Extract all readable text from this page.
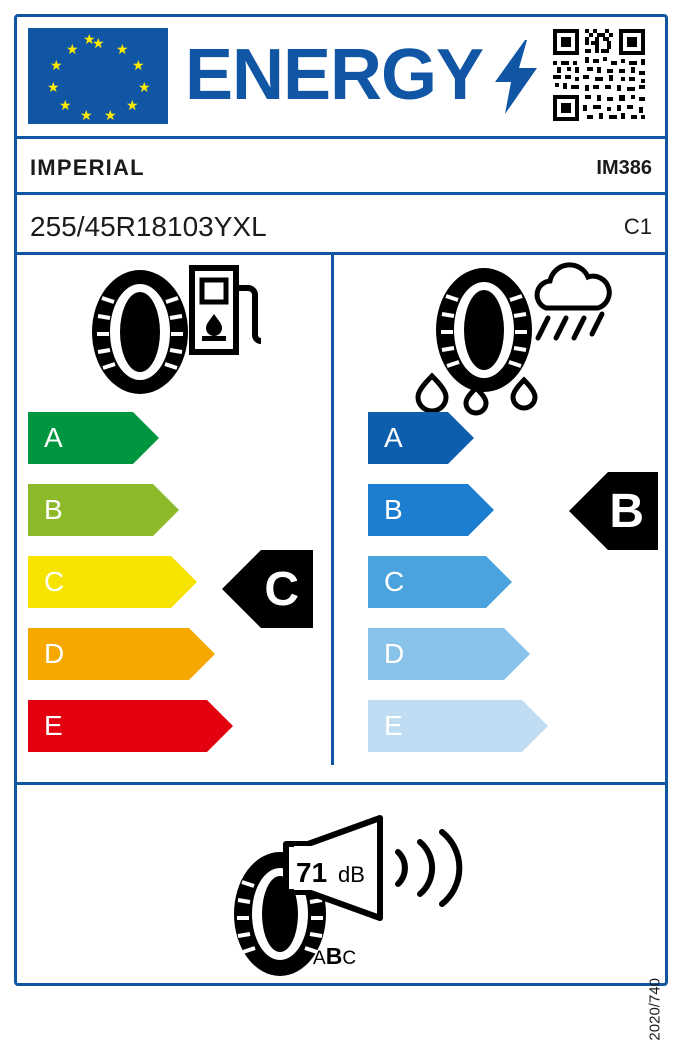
★ ★
★
★
★
★
★
★
★
★
★
★ ENERGY
IMPERIAL	IM386
255/45R18103YXL	C1
A
B
C
D
E
C
A
B
C
D
E
B
71 dB
ABC
2020/740
